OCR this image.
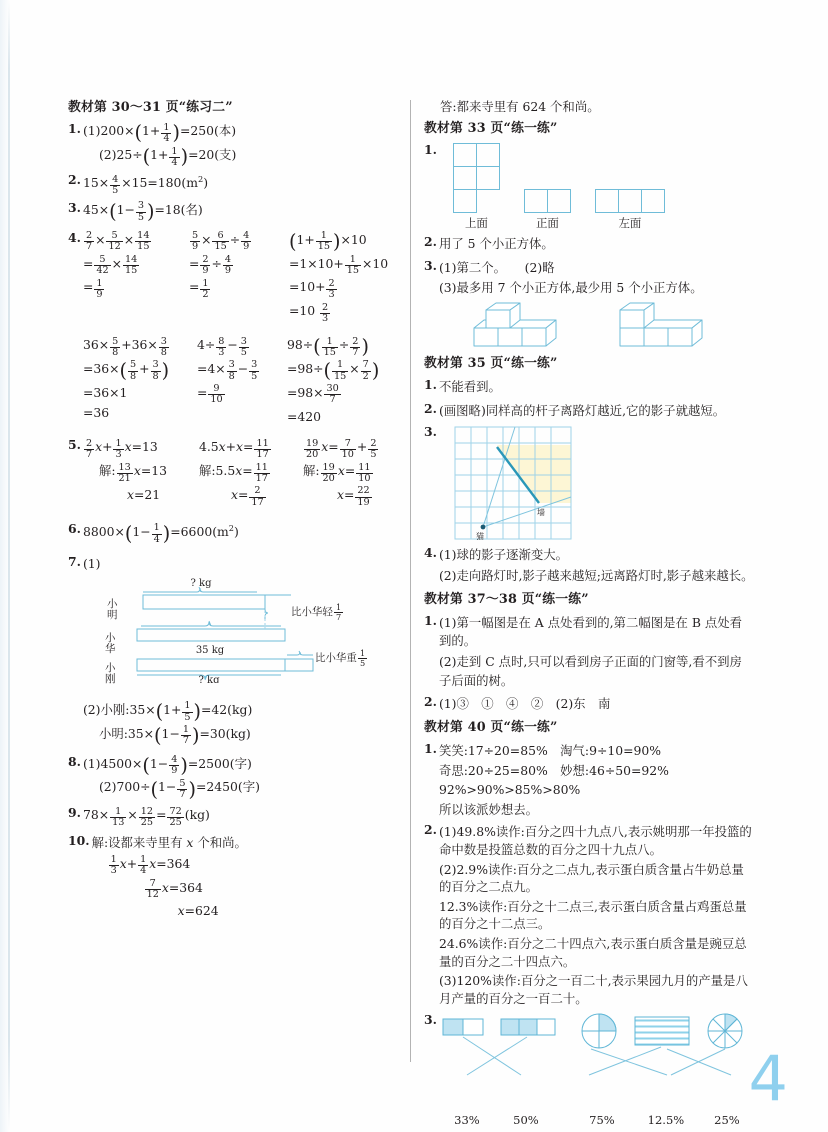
教材第 30～31 页“练习二”
1. $(1)200\times(1+ \frac{1}{4} )=250$(本)
$(2)25\div(1+ \frac{1}{4} )=20$(支)
2. $15\times \frac{4}{5} \times 15=180(m^2)$
3. $45\times(1- \frac{3}{5} )=18$(名)
4. $\frac{2}{7} \times \frac{5}{12} \times \frac{14}{15}$
= $\frac{5}{42} \times \frac{14}{15}$
= $\frac{1}{9}$
$\frac{5}{9} \times \frac{6}{15} \div \frac{4}{9}$
= $\frac{2}{9} \div \frac{4}{9}$
= $\frac{1}{2}$
$(1+ \frac{1}{15} )\times 10$
$=1\times 10+ \frac{1}{15} \times 10$
$=10+ \frac{2}{3}$
$=10 \frac{2}{3}$
$36\times \frac{5}{8} +36\times \frac{3}{8}$
$=36\times( \frac{5}{8} + \frac{3}{8}$ )
=36×1
=36
$4\div \frac{8}{3} - \frac{3}{5}$
$=4\times \frac{3}{8} - \frac{3}{5}$
= $\frac{9}{10}$
$98\div( \frac{1}{15} \div \frac{2}{7}$ )
$=98\div( \frac{1}{15} \times \frac{7}{2}$ )
$=98\times \frac{30}{7}$
=420
5. $\frac{2}{7} x+ \frac{1}{3} x=13$
解: $\frac{13}{21} x=13$
x=21
$4.5x+x= \frac{11}{17}$
解:5.5x= $\frac{11}{17}$
$x= \frac{2}{17}$
$\frac{19}{20} x= \frac{7}{10} + \frac{2}{5}$
解: $\frac{19}{20} x= \frac{11}{10}$
$x= \frac{22}{19}$
6. $8800\times(1- \frac{1}{4} )=6600(m^2)$
7. (1)
? kg
35 kg
? kg
小
明
小
华
小
刚
比小华轻 $\frac{1}{7}$
比小华重 $\frac{1}{5}$
(2)小刚:35×(1+ $\frac{1}{5} )=42(kg)$
小明:35×(1− $\frac{1}{7} )=30(kg)$
8. $(1)4500\times(1- \frac{4}{9} )=2500$(字)
$(2)700\div(1- \frac{5}{7} )=2450$(字)
9. $78\times \frac{1}{13} \times \frac{12}{25} = \frac{72}{25} (kg)$
10. 解:设都来寺里有 x 个和尚。
$\frac{1}{3} x+ \frac{1}{4} x=364$
$\frac{7}{12} x=364$
x=624
答:都来寺里有 624 个和尚。
教材第 33 页“练一练”
1.

上面
		正面
			左面
2. 用了 5 个小正方体。
3. (1)第二个。　　(2)略
(3)最多用 7 个小正方体,最少用 5 个小正方体。
教材第 35 页“练一练”
1. 不能看到。
2. (画图略)同样高的杆子离路灯越近,它的影子就越短。
3.
墙
猫
4. (1)球的影子逐渐变大。
(2)走向路灯时,影子越来越短;远离路灯时,影子越来越长。
教材第 37～38 页“练一练”
1. (1)第一幅图是在 A 点处看到的,第二幅图是在 B 点处看到的。
(2)走到 C 点时,只可以看到房子正面的门窗等,看不到房子后面的树。
2. (1)③　①　④　②　(2)东　南
教材第 40 页“练一练”
1. 笑笑:17÷20=85%　淘气:9÷10=90%
奇思:20÷25=80%　妙想:46÷50=92%
92%>90%>85%>80%
所以该派妙想去。
2. (1)49.8%读作:百分之四十九点八,表示姚明那一年投篮的命中数是投篮总数的百分之四十九点八。
(2)2.9%读作:百分之二点九,表示蛋白质含量占牛奶总量的百分之二点九。
12.3%读作:百分之十二点三,表示蛋白质含量占鸡蛋总量的百分之十二点三。
24.6%读作:百分之二十四点六,表示蛋白质含量是豌豆总量的百分之二十四点六。
(3)120%读作:百分之一百二十,表示果园九月的产量是八月产量的百分之一百二十。
3.
33%	50%	75%	12.5%	25%
4
